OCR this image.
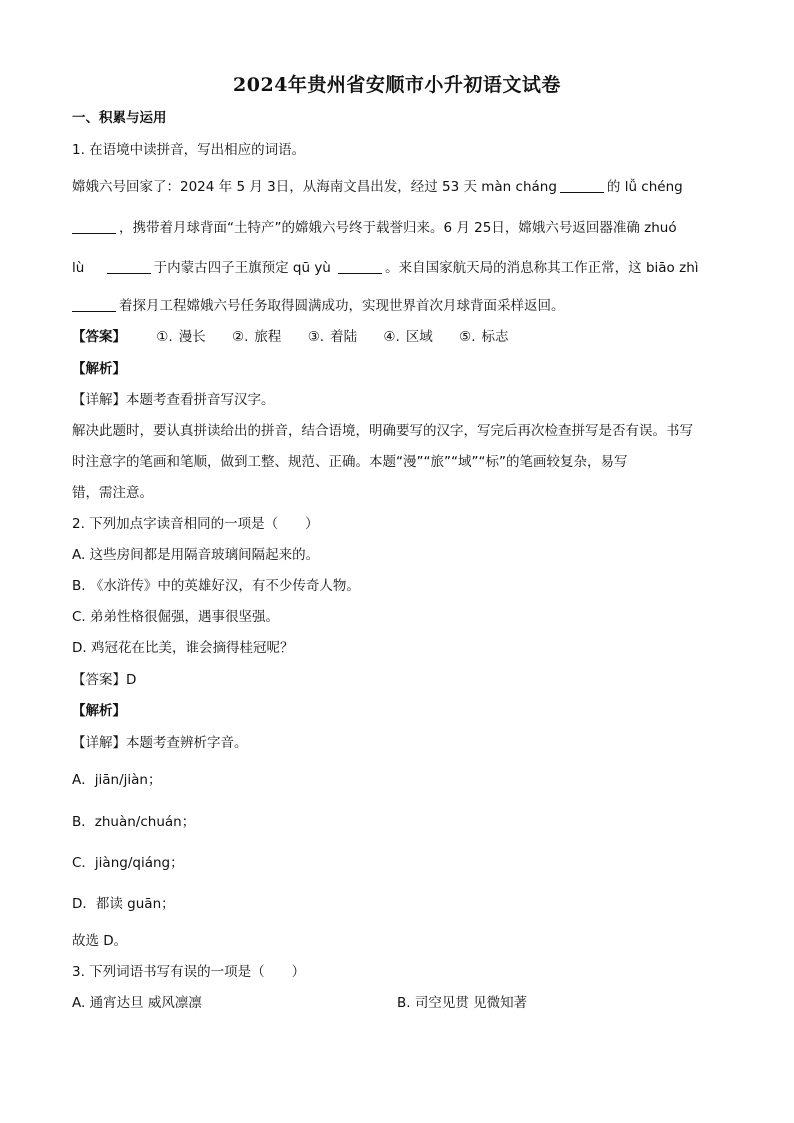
2024年贵州省安顺市小升初语文试卷
一、积累与运用
1. 在语境中读拼音，写出相应的词语。
嫦娥六号回家了：2024 年 5 月 3日，从海南文昌出发，经过 53 天 màn cháng	的 lǚ chéng
，携带着月球背面“土特产”的嫦娥六号终于载誉归来。6 月 25日，嫦娥六号返回器准确 zhuó
lù	于内蒙古四子王旗预定 qū yù	。来自国家航天局的消息称其工作正常，这 biāo zhì
着探月工程嫦娥六号任务取得圆满成功，实现世界首次月球背面采样返回。
【答案】 ①. 漫长 ②. 旅程 ③. 着陆 ④. 区域 ⑤. 标志
【解析】
【详解】本题考查看拼音写汉字。
解决此题时，要认真拼读给出的拼音，结合语境，明确要写的汉字，写完后再次检查拼写是否有误。书写
时注意字的笔画和笔顺，做到工整、规范、正确。本题“漫”“旅”“域”“标”的笔画较复杂，易写
错，需注意。
2. 下列加点字读音相同的一项是（　　）
A. 这些房间都是用隔音玻璃间隔起来的。
B. 《水浒传》中的英雄好汉，有不少传奇人物。
C. 弟弟性格很倔强，遇事很坚强。
D. 鸡冠花在比美，谁会摘得桂冠呢？
【答案】D
【解析】
【详解】本题考查辨析字音。
A．jiān/jiàn；
B．zhuàn/chuán；
C．jiàng/qiáng；
D．都读 guān；
故选 D。
3. 下列词语书写有误的一项是（　　）
A. 通宵达旦 威风凛凛	B. 司空见贯 见微知著
